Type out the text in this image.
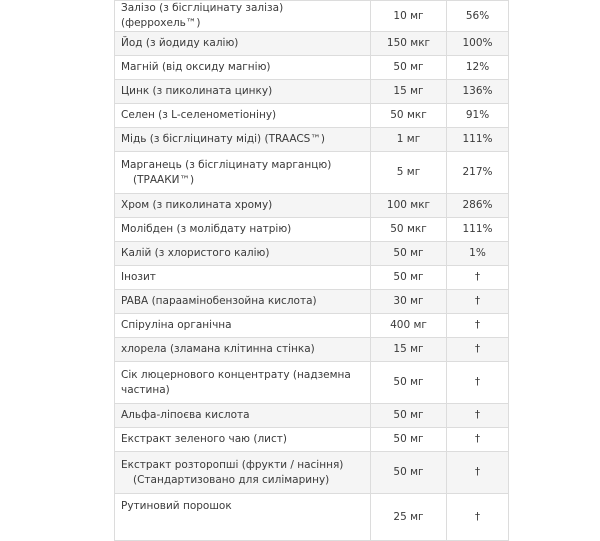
Залізо (з бісгліцинату заліза) (ферроxель™)	10 мг	56%
Йод (з йодиду калію)	150 мкг	100%
Магній (від оксиду магнію)	50 мг	12%
Цинк (з пиколината цинку)	15 мг	136%
Селен (з L-селенометіоніну)	50 мкг	91%
Мідь (з бісгліцинату міді) (TRAACS™)	1 мг	111%
Марганець (з бісгліцинату марганцю)
(ТРААКИ™)	5 мг	217%
Хром (з пиколината хрому)	100 мкг	286%
Молібден (з молібдату натрію)	50 мкг	111%
Калій (з хлористого калію)	50 мг	1%
Інозит	50 мг	†
PABA (параамінобензойна кислота)	30 мг	†
Спіруліна органічна	400 мг	†
хлорела (зламана клітинна стінка)	15 мг	†
Сік люцернового концентрату (надземна
частина)	50 мг	†
Альфа-ліпоєва кислота	50 мг	†
Екстракт зеленого чаю (лист)	50 мг	†
Екстракт розторопші (фрукти / насіння)
(Стандартизовано для силімарину)	50 мг	†
Рутиновий порошок	25 мг	†
